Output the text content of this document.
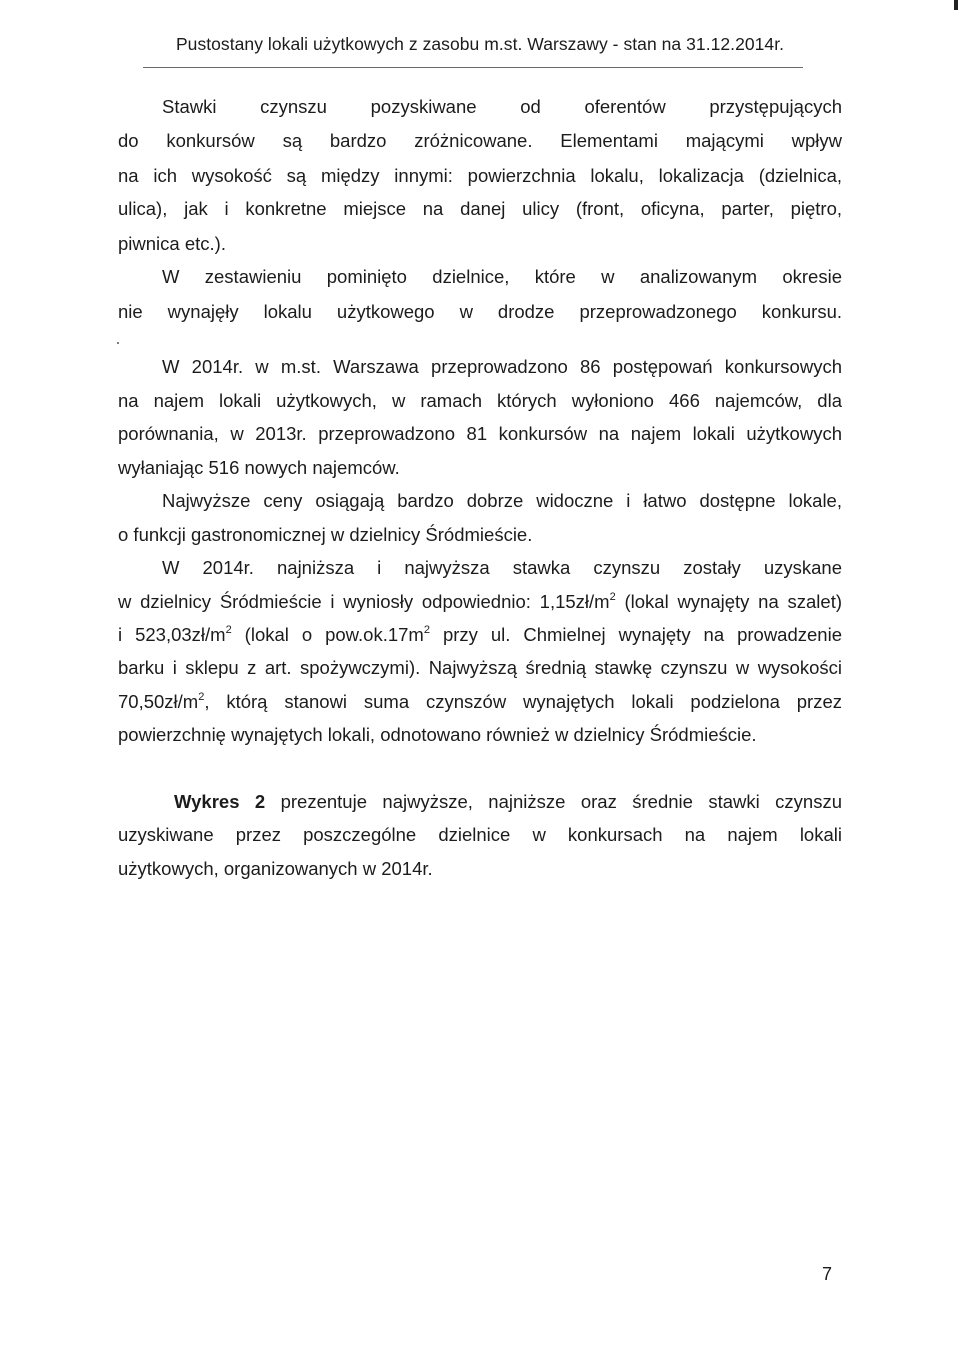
Pustostany lokali użytkowych z zasobu m.st. Warszawy - stan na 31.12.2014r.
Stawki czynszu pozyskiwane od oferentów przystępujących
do konkursów są bardzo zróżnicowane. Elementami mającymi wpływ
na ich wysokość są między innymi: powierzchnia lokalu, lokalizacja (dzielnica,
ulica), jak i konkretne miejsce na danej ulicy (front, oficyna, parter, piętro,
piwnica etc.).
W zestawieniu pominięto dzielnice, które w analizowanym okresie
nie wynajęły lokalu użytkowego w drodze przeprowadzonego konkursu.
W 2014r. w m.st. Warszawa przeprowadzono 86 postępowań konkursowych
na najem lokali użytkowych, w ramach których wyłoniono 466 najemców, dla
porównania, w 2013r. przeprowadzono 81 konkursów na najem lokali użytkowych
wyłaniając 516 nowych najemców.
Najwyższe ceny osiągają bardzo dobrze widoczne i łatwo dostępne lokale,
o funkcji gastronomicznej w dzielnicy Śródmieście.
W 2014r. najniższa i najwyższa stawka czynszu zostały uzyskane
w dzielnicy Śródmieście i wyniosły odpowiednio: $1,15zł/m^2$ (lokal wynajęty na szalet)
i $523,03zł/m^2$ (lokal o $pow.ok.17m^2$ przy ul. Chmielnej wynajęty na prowadzenie
barku i sklepu z art. spożywczymi). Najwyższą średnią stawkę czynszu w wysokości
$70,50zł/m^2$, którą stanowi suma czynszów wynajętych lokali podzielona przez
powierzchnię wynajętych lokali, odnotowano również w dzielnicy Śródmieście.
Wykres 2 prezentuje najwyższe, najniższe oraz średnie stawki czynszu
uzyskiwane przez poszczególne dzielnice w konkursach na najem lokali
użytkowych, organizowanych w 2014r.
7
